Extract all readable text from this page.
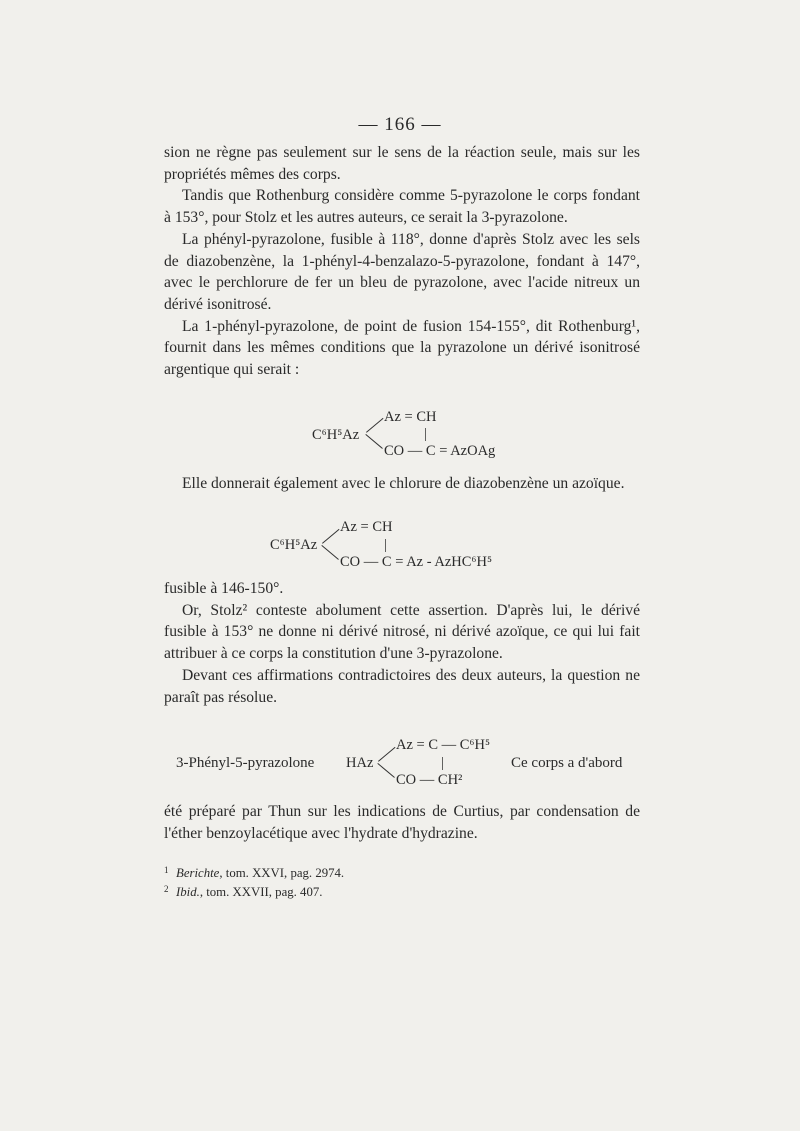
— 166 —

sion ne règne pas seulement sur le sens de la réaction seule, mais sur les propriétés mêmes des corps.

Tandis que Rothenburg considère comme 5-pyrazolone le corps fondant à 153°, pour Stolz et les autres auteurs, ce serait la 3-pyrazolone.

La phényl-pyrazolone, fusible à 118°, donne d'après Stolz avec les sels de diazobenzène, la 1-phényl-4-benzalazo-5-pyrazolone, fondant à 147°, avec le perchlorure de fer un bleu de pyrazolone, avec l'acide nitreux un dérivé isonitrosé.

La 1-phényl-pyrazolone, de point de fusion 154-155°, dit Rothenburg¹, fournit dans les mêmes conditions que la pyrazolone un dérivé isonitrosé argentique qui serait :

C⁶H⁵Az
Az = CH
|
CO — C = AzOAg

Elle donnerait également avec le chlorure de diazobenzène un azoïque.

C⁶H⁵Az
Az = CH
|
CO — C = Az - AzHC⁶H⁵

fusible à 146-150°.

Or, Stolz² conteste abolument cette assertion. D'après lui, le dérivé fusible à 153° ne donne ni dérivé nitrosé, ni dérivé azoïque, ce qui lui fait attribuer à ce corps la constitution d'une 3-pyrazolone.

Devant ces affirmations contradictoires des deux auteurs, la question ne paraît pas résolue.

3-Phényl-5-pyrazolone HAz
Az = C — C⁶H⁵
|
CO — CH²
Ce corps a d'abord

été préparé par Thun sur les indications de Curtius, par condensation de l'éther benzoylacétique avec l'hydrate d'hydrazine.

1 Berichte, tom. XXVI, pag. 2974.
2 Ibid., tom. XXVII, pag. 407.
